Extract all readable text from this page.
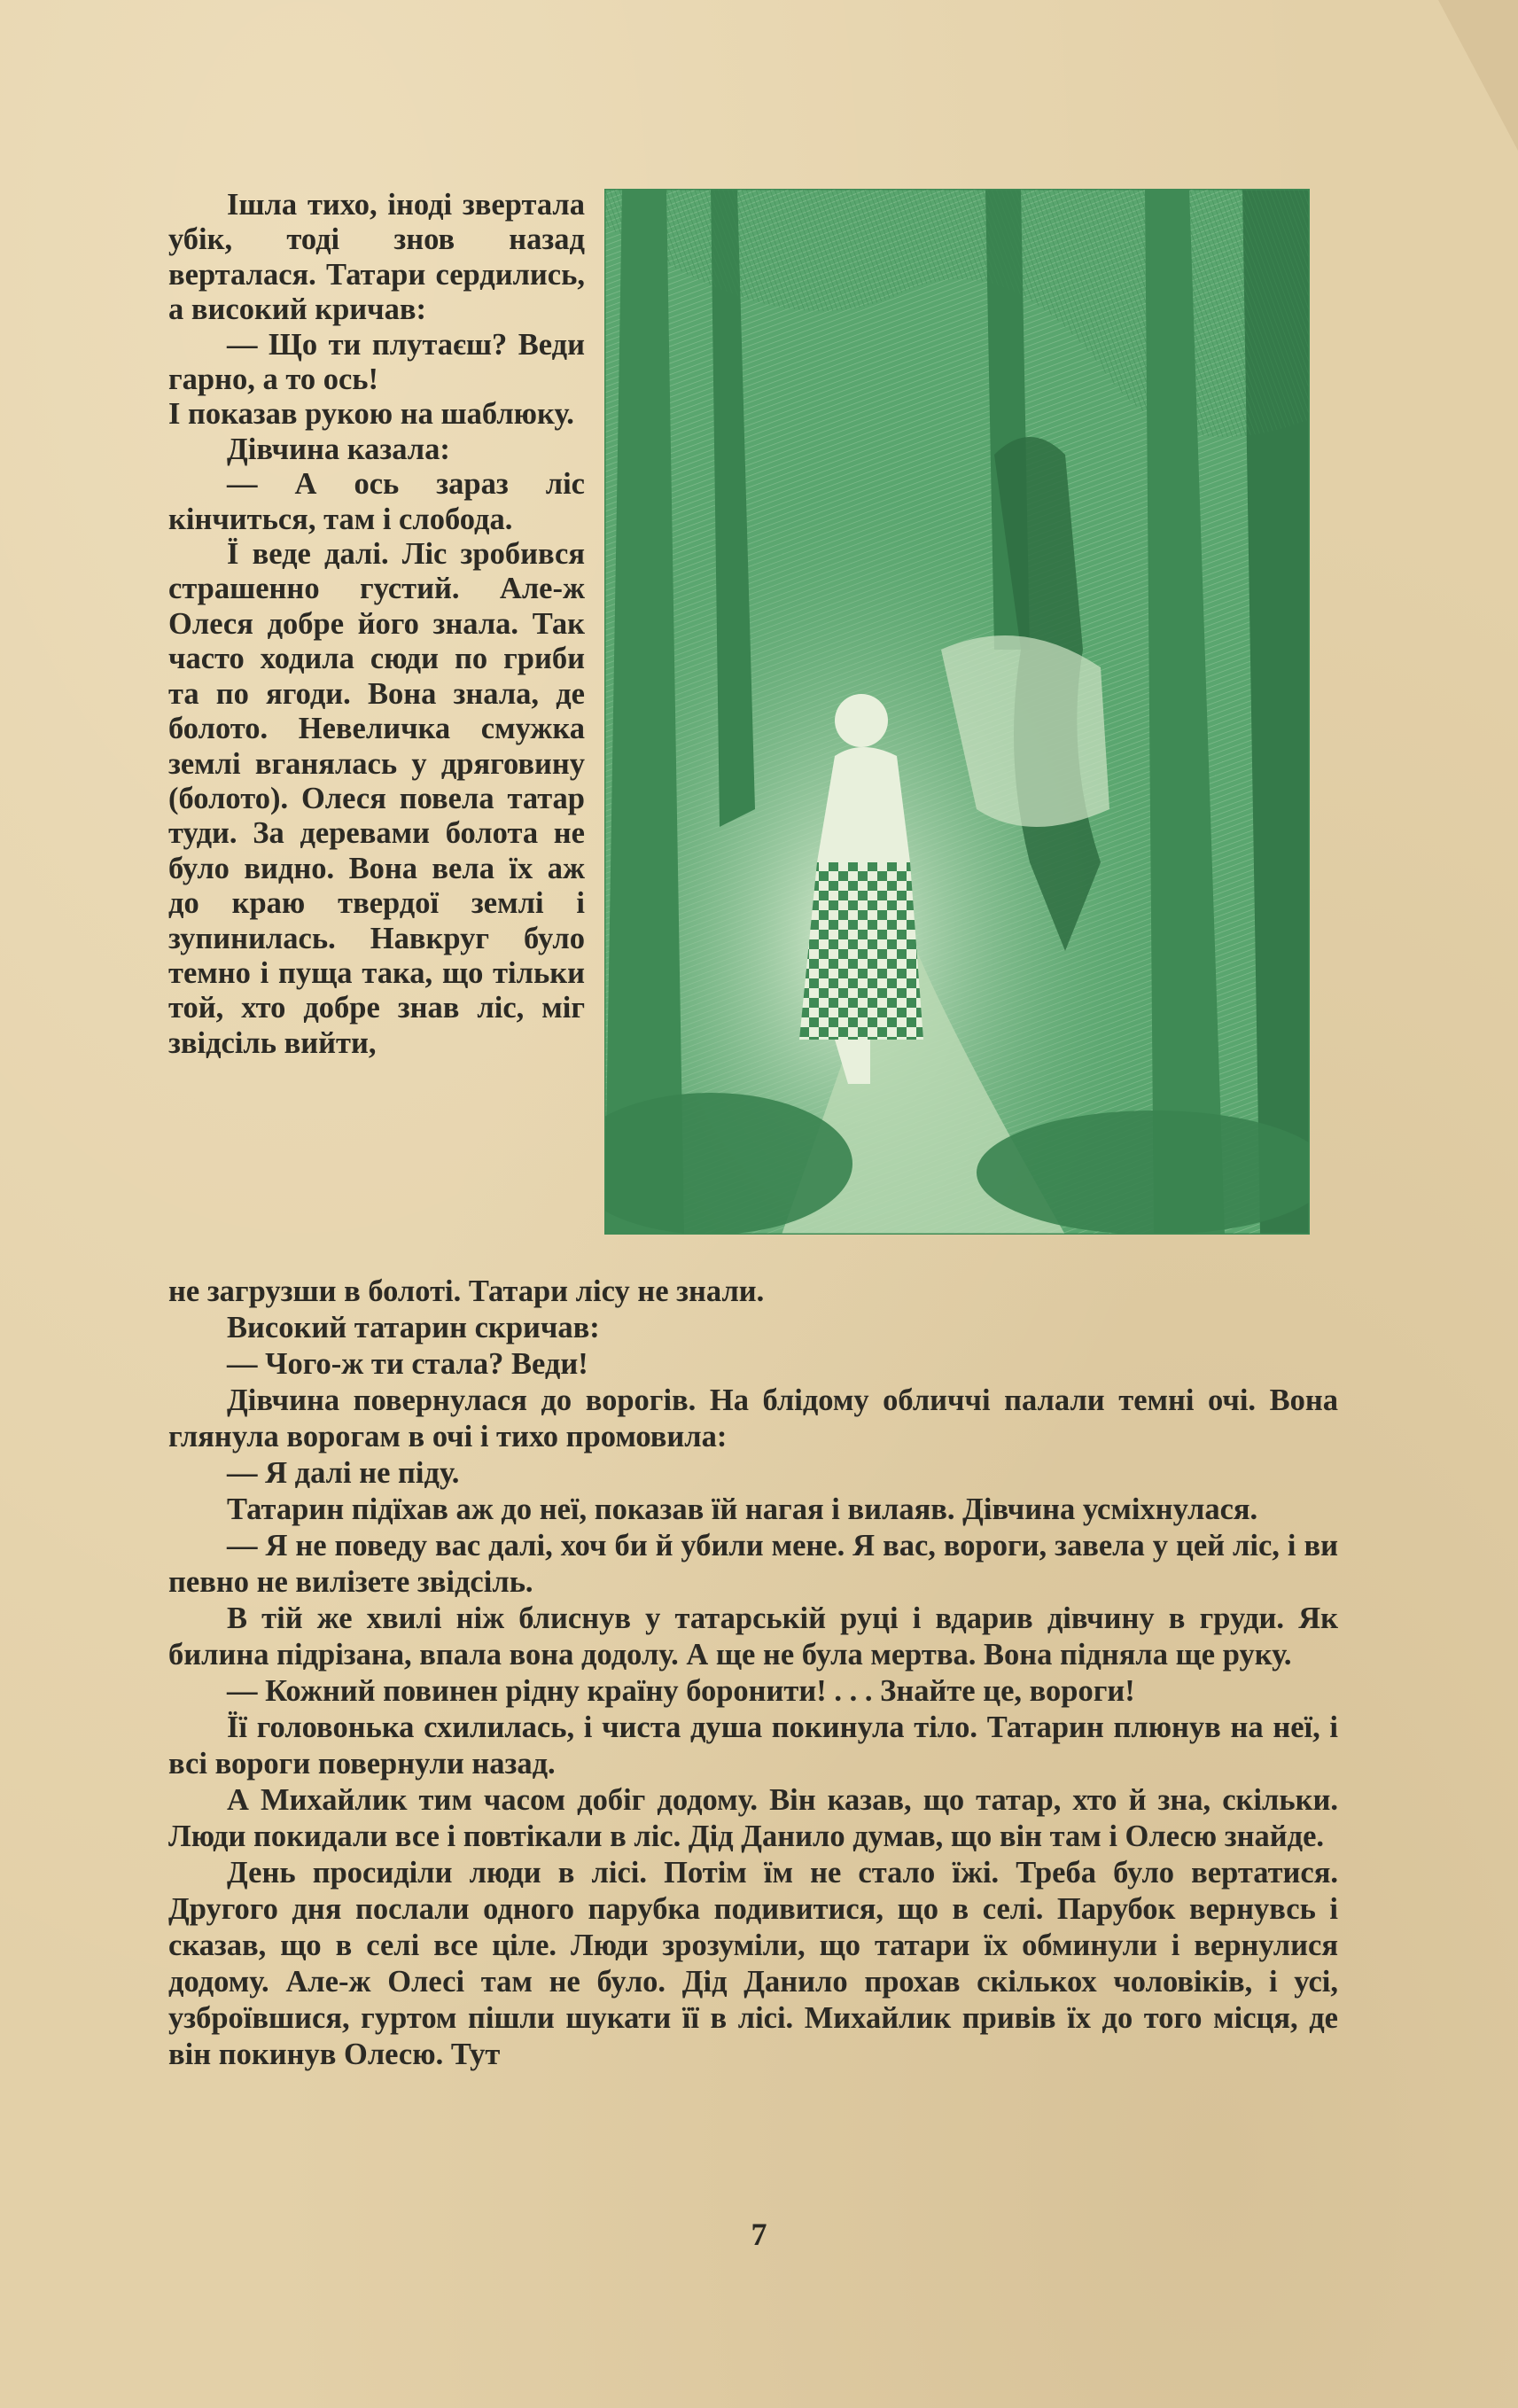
Ішла тихо, іноді звертала убік, тоді знов назад верталася. Татари сердились, а високий кричав:

— Що ти плутаєш? Веди гарно, а то ось!

І показав рукою на шаблюку.

Дівчина казала:

— А ось зараз ліс кінчиться, там і слобода.

Ї веде далі. Ліс зробився страшенно густий. Але-ж Олеся добре його знала. Так часто ходила сюди по гриби та по ягоди. Вона знала, де болото. Невеличка смужка землі вганялась у дряговину (болото). Олеся повела татар туди. За деревами болота не було видно. Вона вела їх аж до краю твердої землі і зупинилась. Навкруг було темно і пуща така, що тільки той, хто добре знав ліс, міг звідсіль вийти,

не загрузши в болоті. Татари лісу не знали.

Високий татарин скричав:

— Чого-ж ти стала? Веди!

Дівчина повернулася до ворогів. На блідому обличчі палали темні очі. Вона глянула ворогам в очі і тихо промовила:

— Я далі не піду.

Татарин підїхав аж до неї, показав їй нагая і вилаяв. Дівчина усміхнулася.

— Я не поведу вас далі, хоч би й убили мене. Я вас, вороги, завела у цей ліс, і ви певно не вилізете звідсіль.

В тій же хвилі ніж блиснув у татарській руці і вдарив дівчину в груди. Як билина підрізана, впала вона додолу. А ще не була мертва. Вона підняла ще руку.

— Кожний повинен рідну країну боронити! . . . Знайте це, вороги!

Її головонька схилилась, і чиста душа покинула тіло. Татарин плюнув на неї, і всі вороги повернули назад.

А Михайлик тим часом добіг додому. Він казав, що татар, хто й зна, скільки. Люди покидали все і повтікали в ліс. Дід Данило думав, що він там і Олесю знайде.

День просиділи люди в лісі. Потім їм не стало їжі. Треба було вертатися. Другого дня послали одного парубка подивитися, що в селі. Парубок вернувсь і сказав, що в селі все ціле. Люди зрозуміли, що татари їх обминули і вернулися додому. Але-ж Олесі там не було. Дід Данило прохав скількох чоловіків, і усі, узброївшися, гуртом пішли шукати її в лісі. Михайлик привів їх до того місця, де він покинув Олесю. Тут

7
